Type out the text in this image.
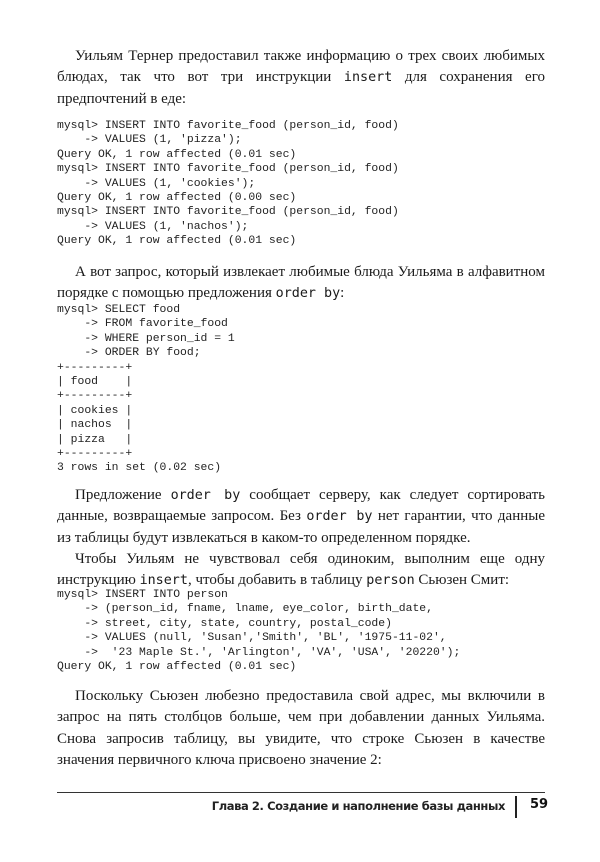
Уильям Тернер предоставил также информацию о трех своих любимых блюдах, так что вот три инструкции insert для сохранения его предпочтений в еде:

mysql> INSERT INTO favorite_food (person_id, food)
-> VALUES (1, 'pizza');
Query OK, 1 row affected (0.01 sec)
mysql> INSERT INTO favorite_food (person_id, food)
-> VALUES (1, 'cookies');
Query OK, 1 row affected (0.00 sec)
mysql> INSERT INTO favorite_food (person_id, food)
-> VALUES (1, 'nachos');
Query OK, 1 row affected (0.01 sec)

А вот запрос, который извлекает любимые блюда Уильяма в алфавитном порядке с помощью предложения order by:

mysql> SELECT food
-> FROM favorite_food
-> WHERE person_id = 1
-> ORDER BY food;
+---------+
| food    |
+---------+
| cookies |
| nachos  |
| pizza   |
+---------+
3 rows in set (0.02 sec)

Предложение order by сообщает серверу, как следует сортировать данные, возвращаемые запросом. Без order by нет гарантии, что данные из таблицы будут извлекаться в каком-то определенном порядке.

Чтобы Уильям не чувствовал себя одиноким, выполним еще одну инструкцию insert, чтобы добавить в таблицу person Сьюзен Смит:

mysql> INSERT INTO person
-> (person_id, fname, lname, eye_color, birth_date,
-> street, city, state, country, postal_code)
-> VALUES (null, 'Susan','Smith', 'BL', '1975-11-02',
->  '23 Maple St.', 'Arlington', 'VA', 'USA', '20220');
Query OK, 1 row affected (0.01 sec)

Поскольку Сьюзен любезно предоставила свой адрес, мы включили в запрос на пять столбцов больше, чем при добавлении данных Уильяма. Снова запросив таблицу, вы увидите, что строке Сьюзен в качестве значения первичного ключа присвоено значение 2:

Глава 2. Создание и наполнение базы данных 59
